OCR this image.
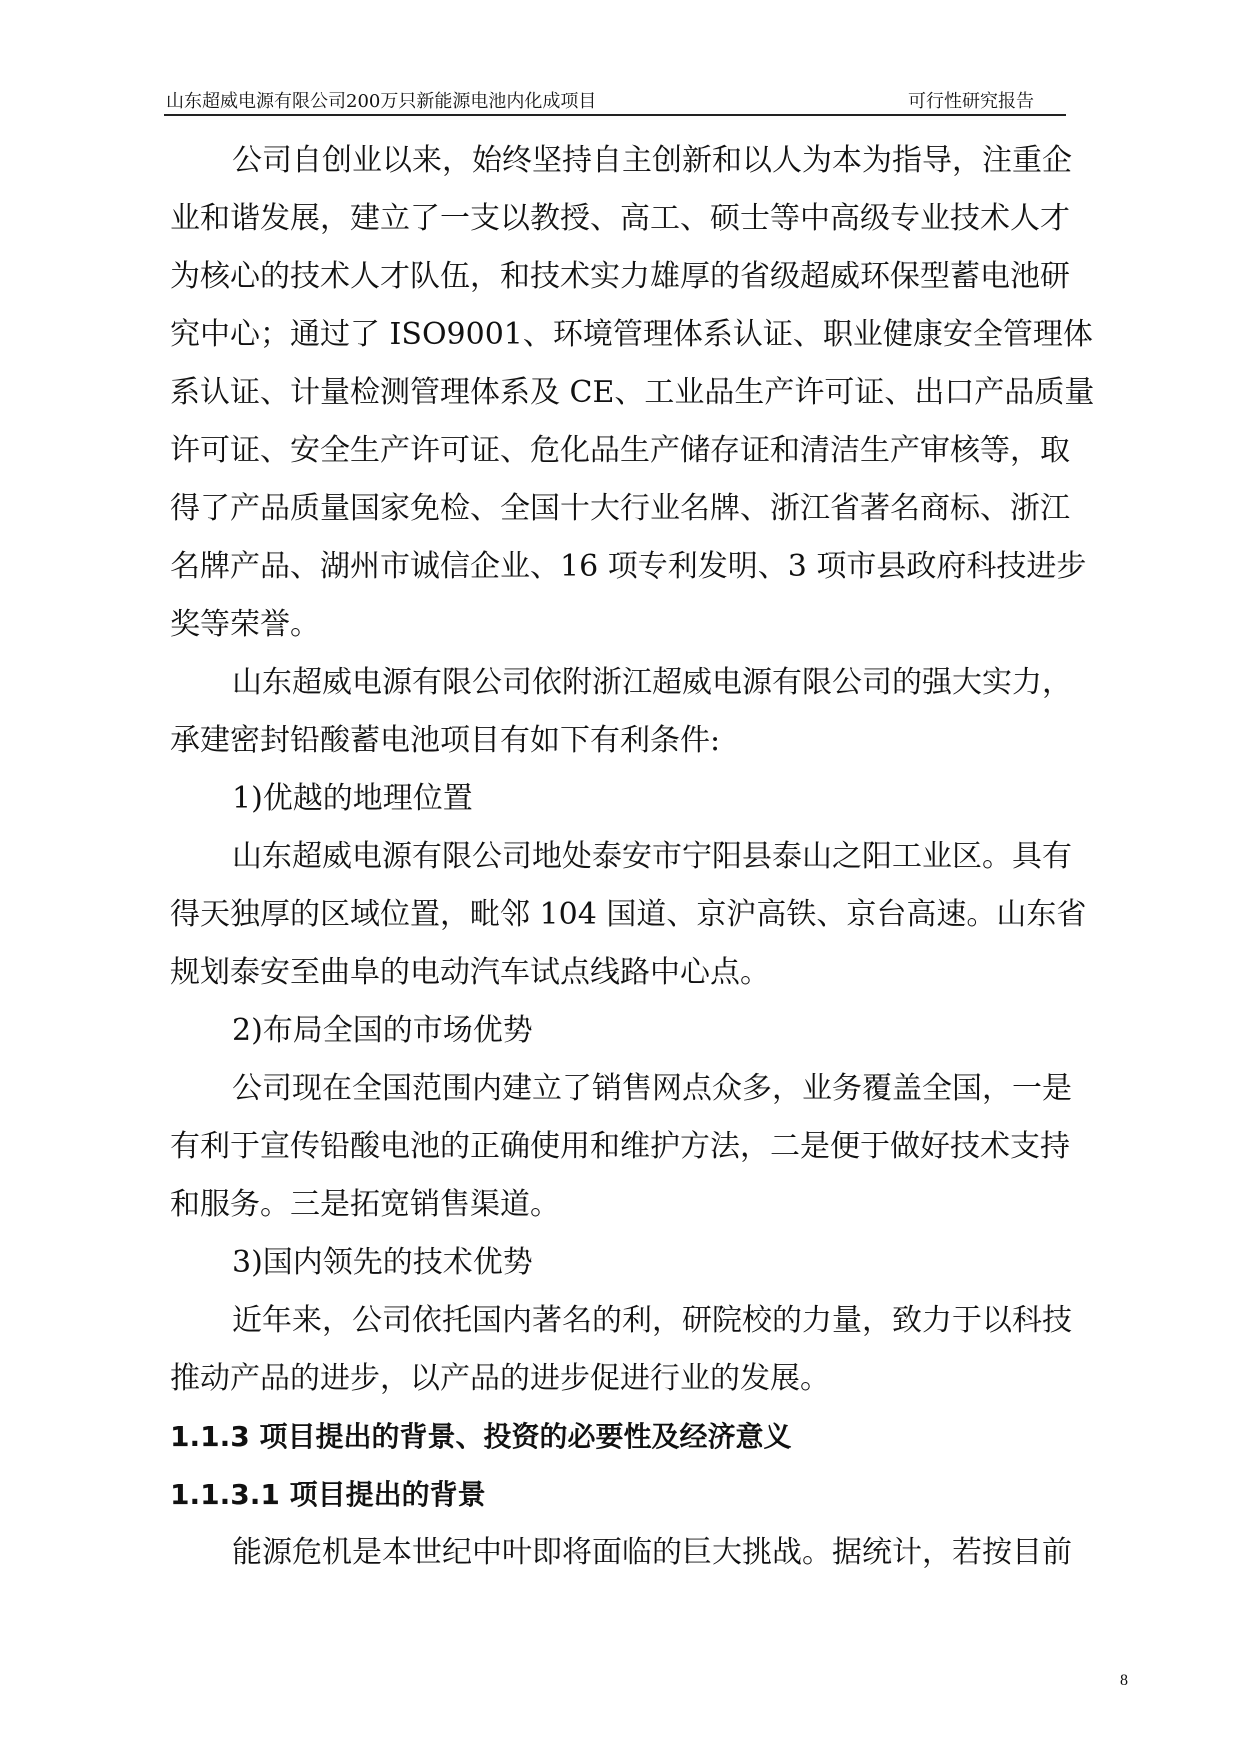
山东超威电源有限公司200万只新能源电池内化成项目	可行性研究报告
公司自创业以来，始终坚持自主创新和以人为本为指导，注重企
业和谐发展，建立了一支以教授、高工、硕士等中高级专业技术人才
为核心的技术人才队伍，和技术实力雄厚的省级超威环保型蓄电池研
究中心；通过了 ISO9001、环境管理体系认证、职业健康安全管理体
系认证、计量检测管理体系及 CE、工业品生产许可证、出口产品质量
许可证、安全生产许可证、危化品生产储存证和清洁生产审核等，取
得了产品质量国家免检、全国十大行业名牌、浙江省著名商标、浙江
名牌产品、湖州市诚信企业、16 项专利发明、3 项市县政府科技进步
奖等荣誉。
山东超威电源有限公司依附浙江超威电源有限公司的强大实力，
承建密封铅酸蓄电池项目有如下有利条件:
1)优越的地理位置
山东超威电源有限公司地处泰安市宁阳县泰山之阳工业区。具有
得天独厚的区域位置，毗邻 104 国道、京沪高铁、京台高速。山东省
规划泰安至曲阜的电动汽车试点线路中心点。
2)布局全国的市场优势
公司现在全国范围内建立了销售网点众多，业务覆盖全国，一是
有利于宣传铅酸电池的正确使用和维护方法，二是便于做好技术支持
和服务。三是拓宽销售渠道。
3)国内领先的技术优势
近年来，公司依托国内著名的利，研院校的力量，致力于以科技
推动产品的进步，以产品的进步促进行业的发展。
1.1.3 项目提出的背景、投资的必要性及经济意义
1.1.3.1 项目提出的背景
能源危机是本世纪中叶即将面临的巨大挑战。据统计，若按目前
8
